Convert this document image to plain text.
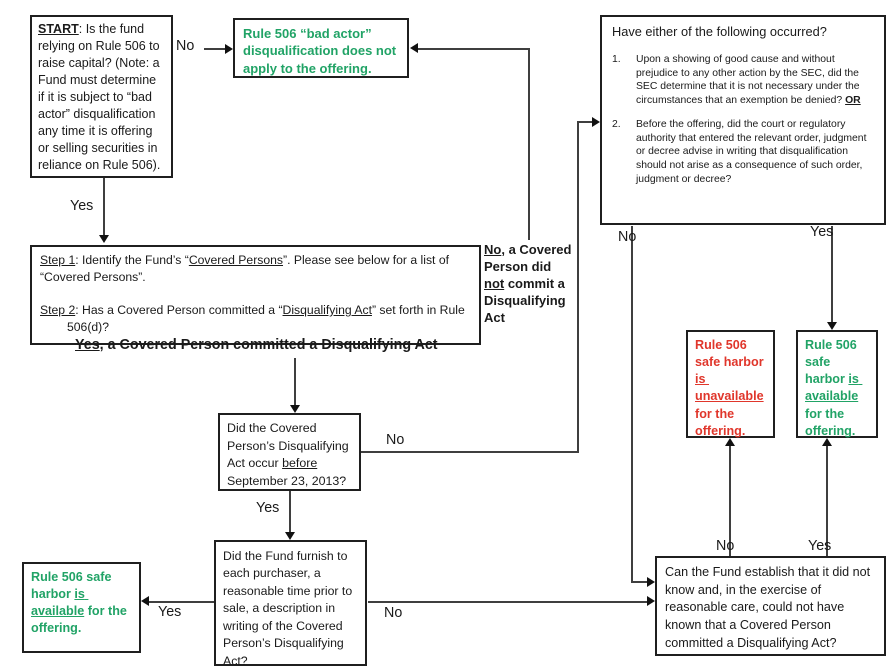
START: Is the fund relying on Rule 506 to raise capital? (Note: a Fund must determine if it is subject to “bad actor” disqualification any time it is offering or selling securities in reliance on Rule 506).
Rule 506 “bad actor” disqualification does not apply to the offering.
Have either of the following occurred?
1.	Upon a showing of good cause and without prejudice to any other action by the SEC, did the SEC determine that it is not necessary under the circumstances that an exemption be denied? OR
2.	Before the offering, did the court or regulatory authority that entered the relevant order, judgment or decree advise in writing that disqualification should not arise as a consequence of such order, judgment or decree?
Step 1: Identify the Fund’s “Covered Persons”. Please see below for a list of “Covered Persons”.
Step 2: Has a Covered Person committed a “Disqualifying Act” set forth in Rule 506(d)?
Yes, a Covered Person committed a Disqualifying Act
No, a Covered Person did not commit a Disqualifying Act
Did the Covered Person’s Disqualifying Act occur before September 23, 2013?
Rule 506 safe harbor is unavailable for the offering.
Rule 506 safe harbor is available for the offering.
Did the Fund furnish to each purchaser, a reasonable time prior to sale, a description in writing of the Covered Person’s Disqualifying Act?
Rule 506 safe harbor is available for the offering.
Can the Fund establish that it did not know and, in the exercise of reasonable care, could not have known that a Covered Person committed a Disqualifying Act?
No
Yes
No
Yes
No	Yes
No	Yes
Yes	No
